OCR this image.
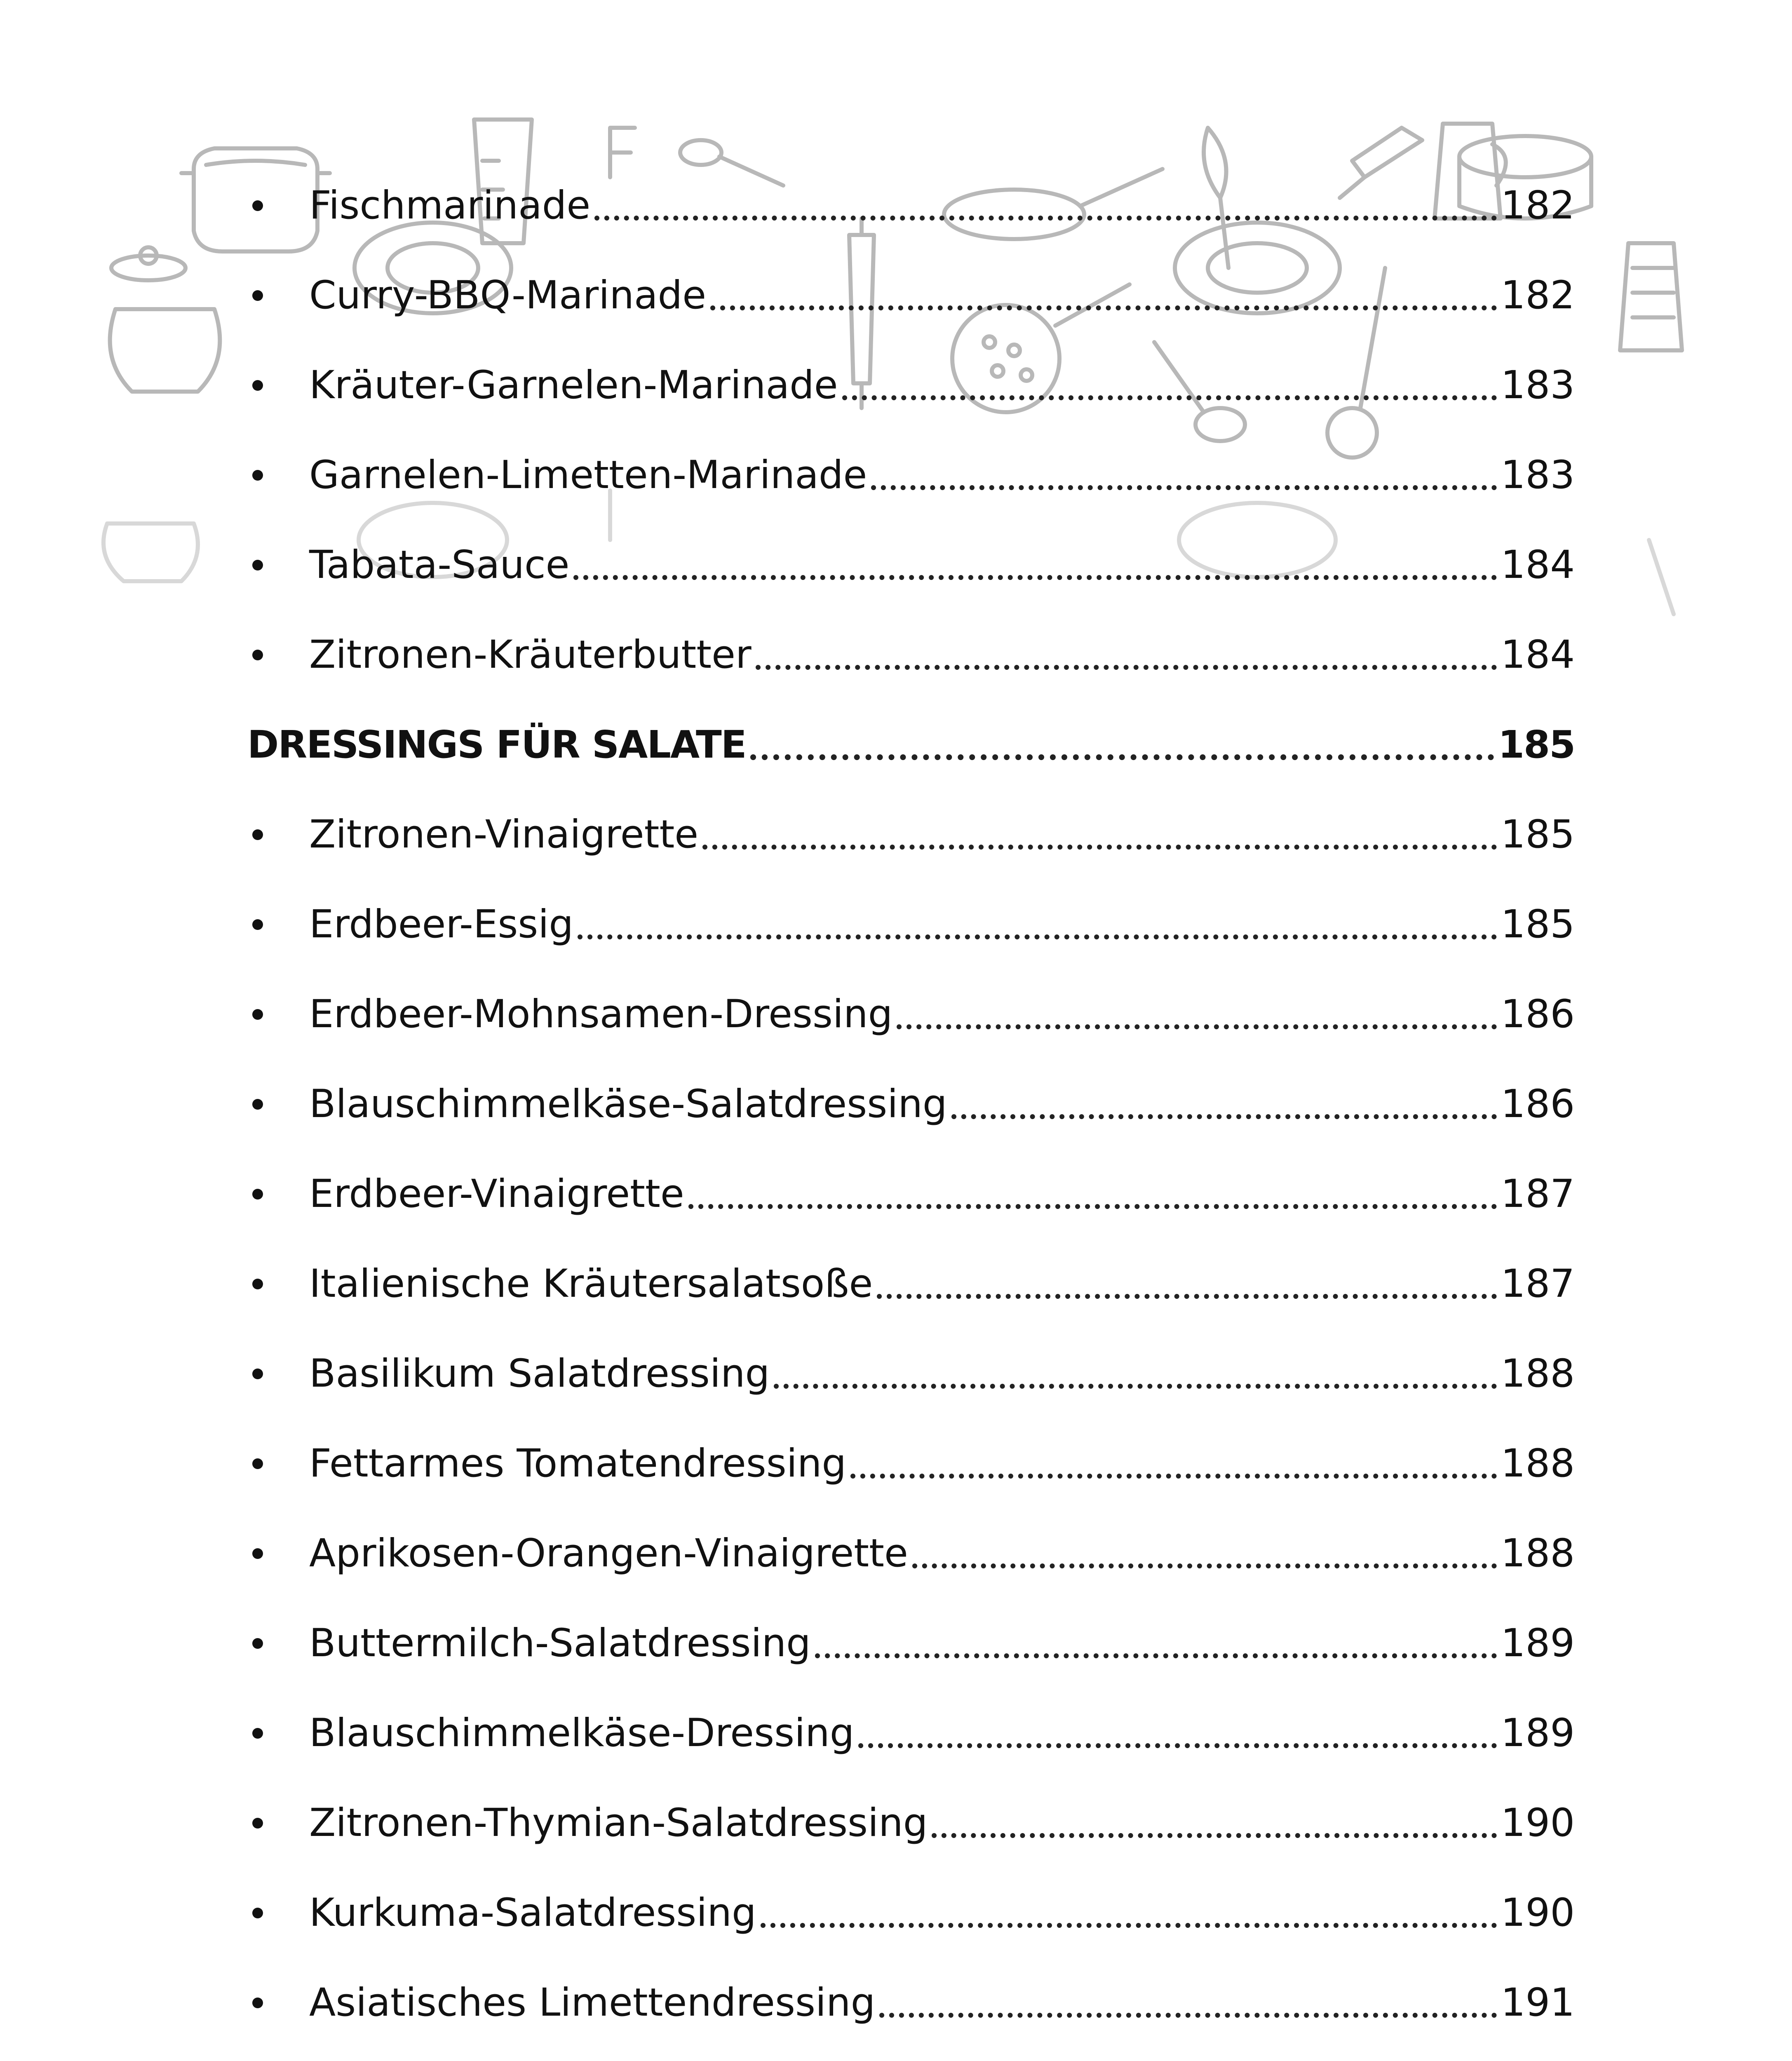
Fischmarinade	182
Curry-BBQ-Marinade	182
Kräuter-Garnelen-Marinade	183
Garnelen-Limetten-Marinade	183
Tabata-Sauce	184
Zitronen-Kräuterbutter	184
DRESSINGS FÜR SALATE	185
Zitronen-Vinaigrette	185
Erdbeer-Essig	185
Erdbeer-Mohnsamen-Dressing	186
Blauschimmelkäse-Salatdressing	186
Erdbeer-Vinaigrette	187
Italienische Kräutersalatsoße	187
Basilikum Salatdressing	188
Fettarmes Tomatendressing	188
Aprikosen-Orangen-Vinaigrette	188
Buttermilch-Salatdressing	189
Blauschimmelkäse-Dressing	189
Zitronen-Thymian-Salatdressing	190
Kurkuma-Salatdressing	190
Asiatisches Limettendressing	191
